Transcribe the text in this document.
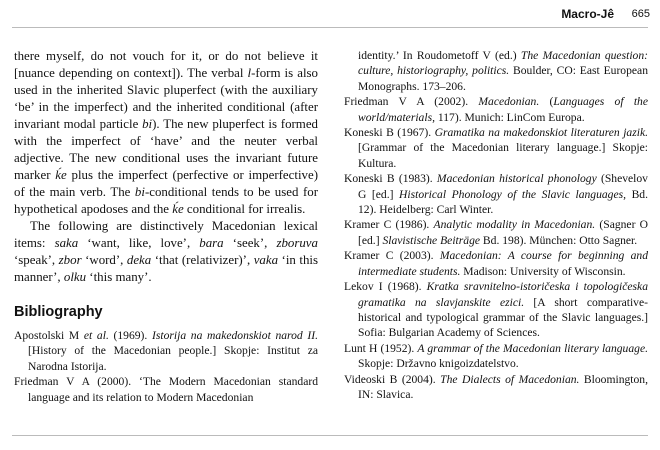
Macro-Jê 665

there myself, do not vouch for it, or do not believe it [nuance depending on context]). The verbal l-form is also used in the inherited Slavic pluperfect (with the auxiliary ‘be’ in the imperfect) and the inherited conditional (after invariant modal particle bi). The new pluperfect is formed with the imperfect of ‘have’ and the neuter verbal adjective. The new conditional uses the invariant future marker ḱe plus the imperfect (perfective or imperfective) of the main verb. The bi-conditional tends to be used for hypothetical apodoses and the ḱe conditional for irrealis.

The following are distinctively Macedonian lexical items: saka ‘want, like, love’, bara ‘seek’, zboruva ‘speak’, zbor ‘word’, deka ‘that (relativizer)’, vaka ‘in this manner’, olku ‘this many’.

Bibliography

Apostolski M et al. (1969). Istorija na makedonskiot narod II. [History of the Macedonian people.] Skopje: Institut za Narodna Istorija.

Friedman V A (2000). ‘The Modern Macedonian standard language and its relation to Modern Macedonian

identity.’ In Roudometoff V (ed.) The Macedonian question: culture, historiography, politics. Boulder, CO: East European Monographs. 173–206.

Friedman V A (2002). Macedonian. (Languages of the world/materials, 117). Munich: LinCom Europa.

Koneski B (1967). Gramatika na makedonskiot literaturen jazik. [Grammar of the Macedonian literary language.] Skopje: Kultura.

Koneski B (1983). Macedonian historical phonology (Shevelov G [ed.] Historical Phonology of the Slavic languages, Bd. 12). Heidelberg: Carl Winter.

Kramer C (1986). Analytic modality in Macedonian. (Sagner O [ed.] Slavistische Beiträge Bd. 198). München: Otto Sagner.

Kramer C (2003). Macedonian: A course for beginning and intermediate students. Madison: University of Wisconsin.

Lekov I (1968). Kratka sravnitelno-istoričeska i topologičeska gramatika na slavjanskite ezici. [A short comparative-historical and typological grammar of the Slavic languages.] Sofia: Bulgarian Academy of Sciences.

Lunt H (1952). A grammar of the Macedonian literary language. Skopje: Državno knigoizdatelstvo.

Videoski B (2004). The Dialects of Macedonian. Bloomington, IN: Slavica.
